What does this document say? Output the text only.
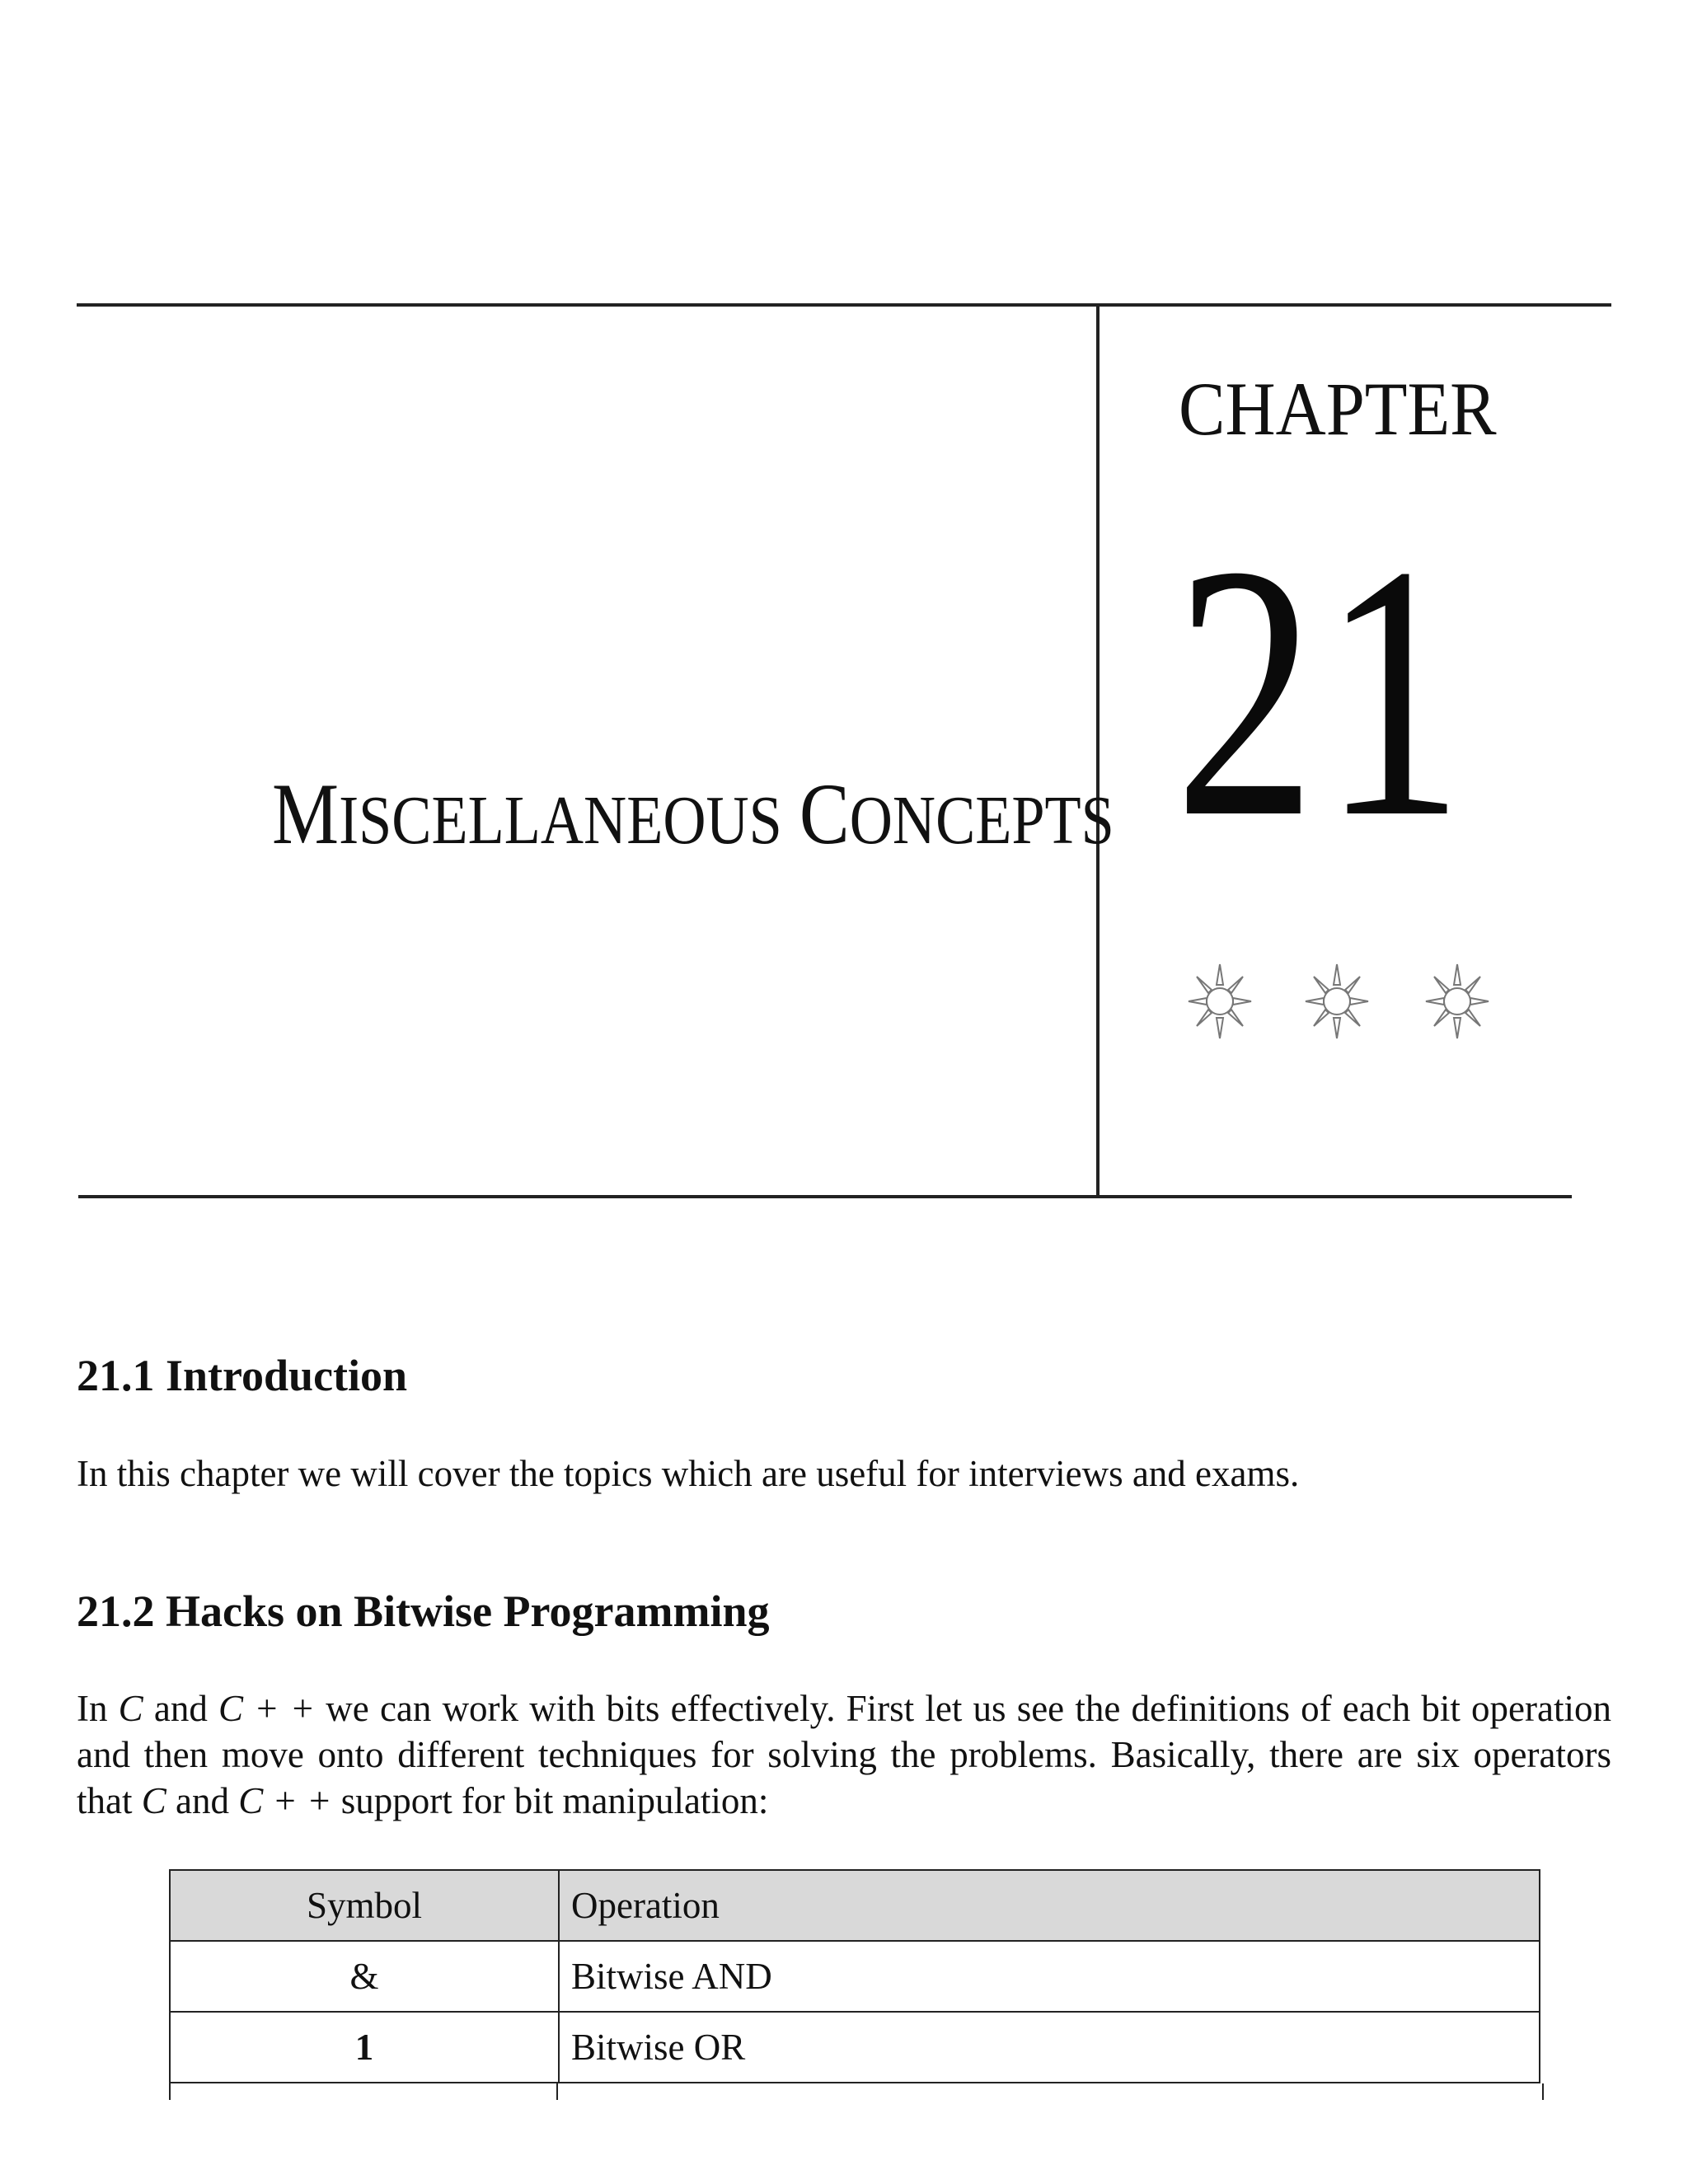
MISCELLANEOUS CONCEPTS
CHAPTER
21
21.1 Introduction
In this chapter we will cover the topics which are useful for interviews and exams.
21.2 Hacks on Bitwise Programming
In C and C + + we can work with bits effectively. First let us see the definitions of each bit operation and then move onto different techniques for solving the problems. Basically, there are six operators that C and C + + support for bit manipulation:
Symbol	Operation
&	Bitwise AND
1	Bitwise OR
